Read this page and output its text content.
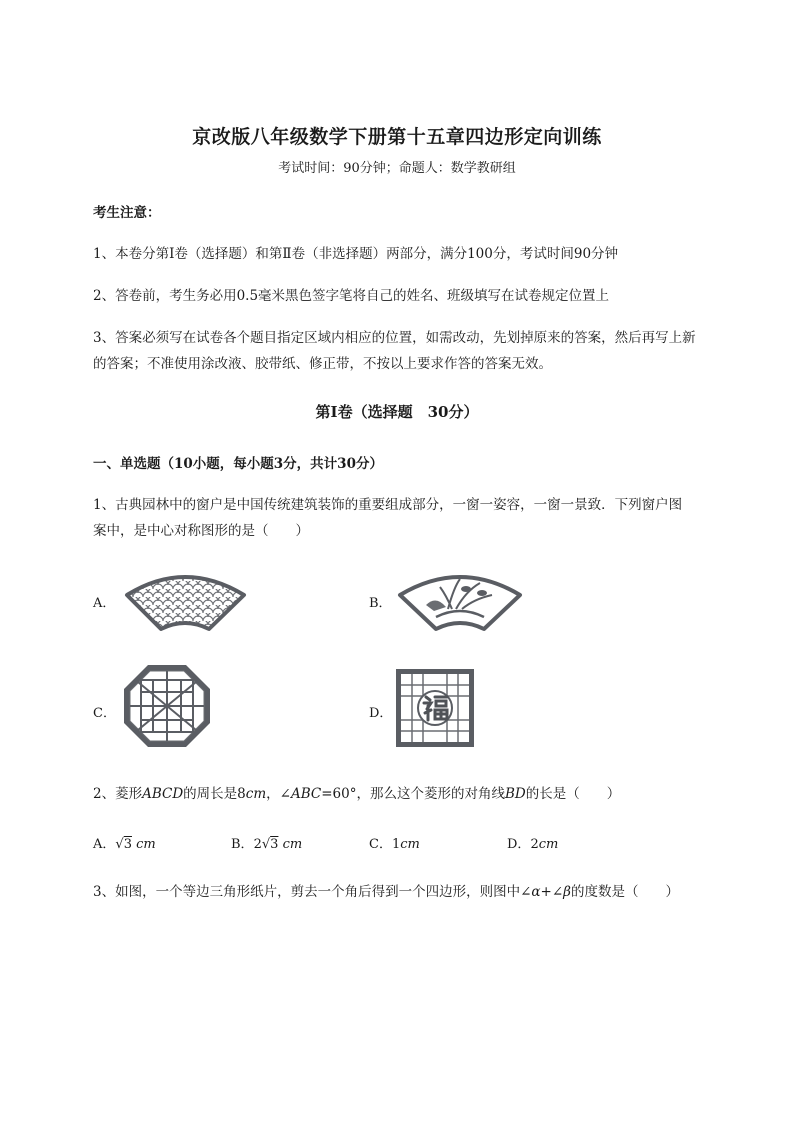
京改版八年级数学下册第十五章四边形定向训练
考试时间：90分钟；命题人：数学教研组
考生注意：
1、本卷分第I卷（选择题）和第Ⅱ卷（非选择题）两部分，满分100分，考试时间90分钟
2、答卷前，考生务必用0.5毫米黑色签字笔将自己的姓名、班级填写在试卷规定位置上
3、答案必须写在试卷各个题目指定区域内相应的位置，如需改动，先划掉原来的答案，然后再写上新
的答案；不准使用涂改液、胶带纸、修正带，不按以上要求作答的答案无效。
第I卷（选择题　30分）
一、单选题（10小题，每小题3分，共计30分）
1、古典园林中的窗户是中国传统建筑装饰的重要组成部分，一窗一姿容，一窗一景致．下列窗户图
案中，是中心对称图形的是（　　）
A．	B．
C．	D．
2、菱形ABCD的周长是8cm，∠ABC=60°，那么这个菱形的对角线BD的长是（　　）
A．√3 cm	B．2√3 cm	C．1cm	D．2cm
3、如图，一个等边三角形纸片，剪去一个角后得到一个四边形，则图中∠α+∠β的度数是（　　）
